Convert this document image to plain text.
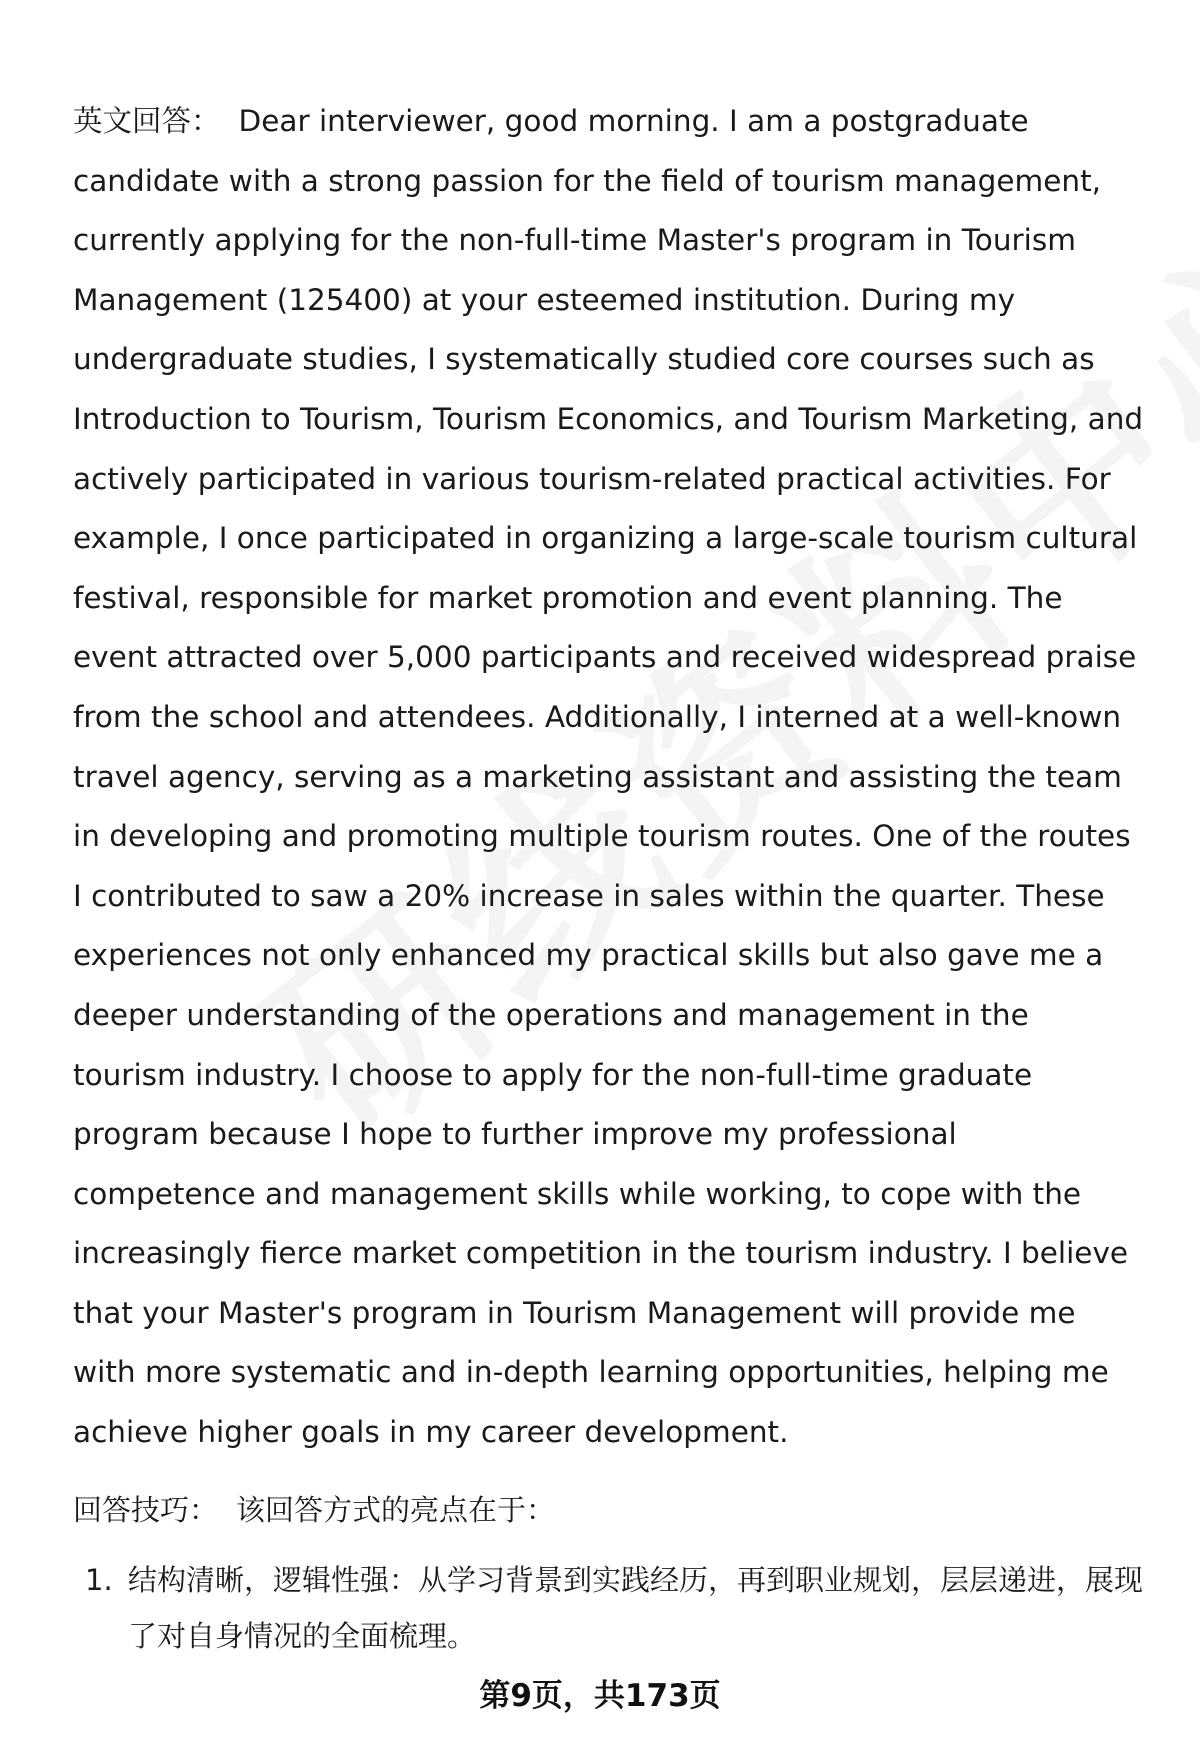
英文回答： Dear interviewer, good morning. I am a postgraduate candidate with a strong passion for the field of tourism management, currently applying for the non-full-time Master's program in Tourism Management (125400) at your esteemed institution. During my undergraduate studies, I systematically studied core courses such as Introduction to Tourism, Tourism Economics, and Tourism Marketing, and actively participated in various tourism-related practical activities. For example, I once participated in organizing a large-scale tourism cultural festival, responsible for market promotion and event planning. The event attracted over 5,000 participants and received widespread praise from the school and attendees. Additionally, I interned at a well-known travel agency, serving as a marketing assistant and assisting the team in developing and promoting multiple tourism routes. One of the routes I contributed to saw a 20% increase in sales within the quarter. These experiences not only enhanced my practical skills but also gave me a deeper understanding of the operations and management in the tourism industry. I choose to apply for the non-full-time graduate program because I hope to further improve my professional competence and management skills while working, to cope with the increasingly fierce market competition in the tourism industry. I believe that your Master's program in Tourism Management will provide me with more systematic and in-depth learning opportunities, helping me achieve higher goals in my career development.

回答技巧： 该回答方式的亮点在于：
1. 结构清晰，逻辑性强：从学习背景到实践经历，再到职业规划，层层递进，展现了对自身情况的全面梳理。
第9页，共173页
